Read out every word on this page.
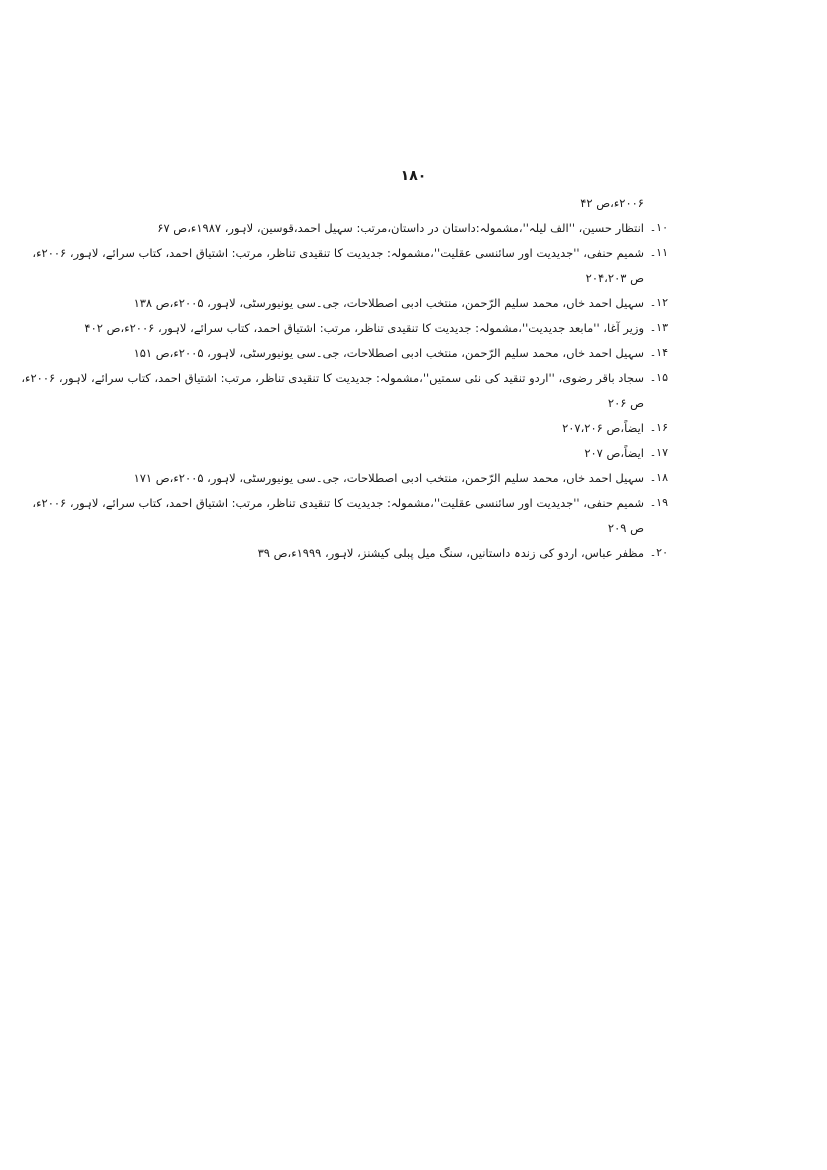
۱۸۰
۲۰۰۶ء،ص ۴۲
۱۰۔
انتظار حسین، ''الف لیلہ''،مشمولہ:داستان در داستان،مرتب: سہیل احمد،قوسین، لاہور، ۱۹۸۷ء،ص ۶۷
۱۱۔
شمیم حنفی، ''جدیدیت اور سائنسی عقلیت''،مشمولہ: جدیدیت کا تنقیدی تناظر، مرتب: اشتیاق احمد، کتاب سرائے، لاہور، ۲۰۰۶ء،
ص ۲۰۴،۲۰۳
۱۲۔
سہیل احمد خاں، محمد سلیم الرّحمن، منتخب ادبی اصطلاحات، جی۔سی یونیورسٹی، لاہور، ۲۰۰۵ء،ص ۱۳۸
۱۳۔
وزیر آغا، ''مابعد جدیدیت''،مشمولہ: جدیدیت کا تنقیدی تناظر، مرتب: اشتیاق احمد، کتاب سرائے، لاہور، ۲۰۰۶ء،ص ۴۰۲
۱۴۔
سہیل احمد خاں، محمد سلیم الرّحمن، منتخب ادبی اصطلاحات، جی۔سی یونیورسٹی، لاہور، ۲۰۰۵ء،ص ۱۵۱
۱۵۔
سجاد باقر رضوی، ''اردو تنقید کی نئی سمتیں''،مشمولہ: جدیدیت کا تنقیدی تناظر، مرتب: اشتیاق احمد، کتاب سرائے، لاہور، ۲۰۰۶ء،
ص ۲۰۶
۱۶۔
ایضاً،ص ۲۰۷،۲۰۶
۱۷۔
ایضاً،ص ۲۰۷
۱۸۔
سہیل احمد خاں، محمد سلیم الرّحمن، منتخب ادبی اصطلاحات، جی۔سی یونیورسٹی، لاہور، ۲۰۰۵ء،ص ۱۷۱
۱۹۔
شمیم حنفی، ''جدیدیت اور سائنسی عقلیت''،مشمولہ: جدیدیت کا تنقیدی تناظر، مرتب: اشتیاق احمد، کتاب سرائے، لاہور، ۲۰۰۶ء،
ص ۲۰۹
۲۰۔
مظفر عباس، اردو کی زندہ داستانیں، سنگ میل پبلی کیشنز، لاہور، ۱۹۹۹ء،ص ۳۹
